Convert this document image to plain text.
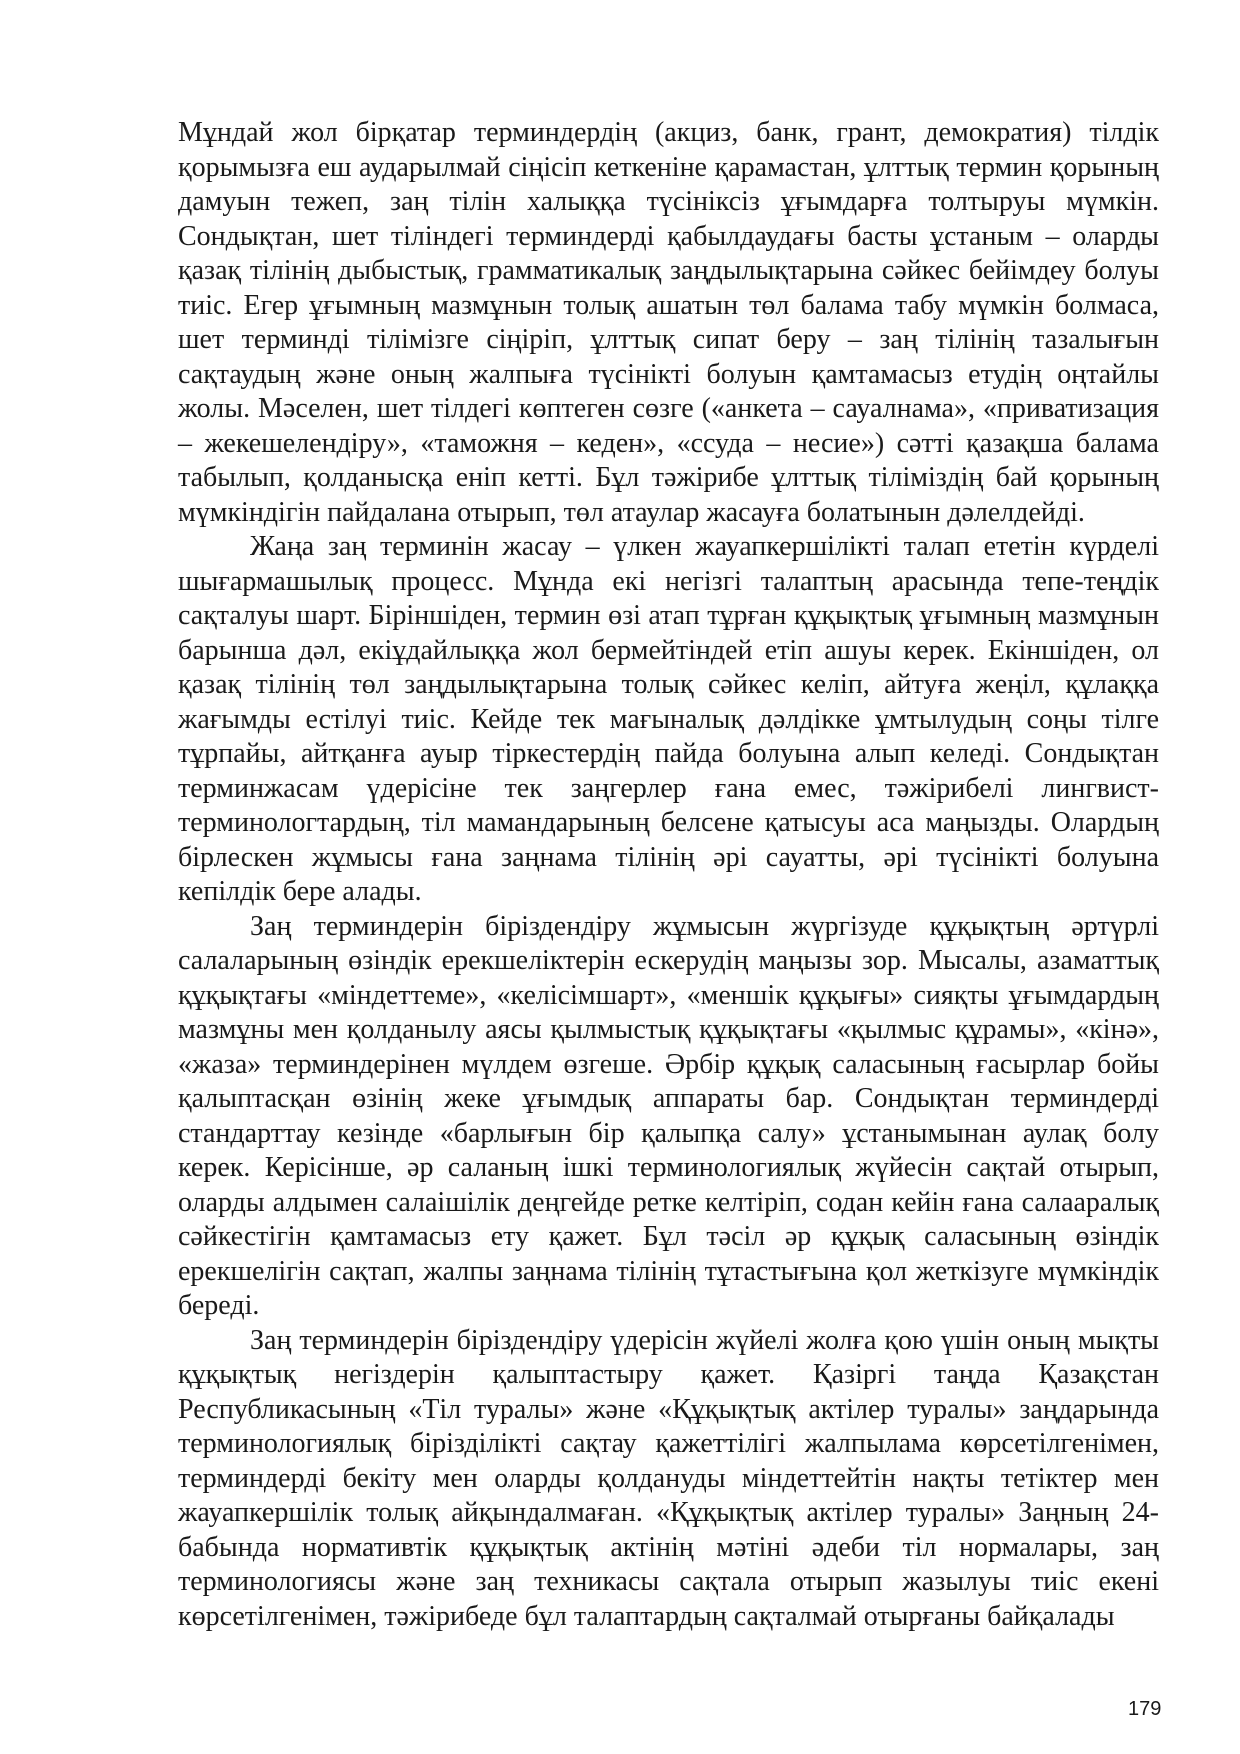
Мұндай жол бірқатар терминдердің (акциз, банк, грант, демократия) тілдік қорымызға еш аударылмай сіңісіп кеткеніне қарамастан, ұлттық термин қорының дамуын тежеп, заң тілін халыққа түсініксіз ұғымдарға толтыруы мүмкін. Сондықтан, шет тіліндегі терминдерді қабылдаудағы басты ұстаным – оларды қазақ тілінің дыбыстық, грамматикалық заңдылықтарына сәйкес бейімдеу болуы тиіс. Егер ұғымның мазмұнын толық ашатын төл балама табу мүмкін болмаса, шет терминді тілімізге сіңіріп, ұлттық сипат беру – заң тілінің тазалығын сақтаудың және оның жалпыға түсінікті болуын қамтамасыз етудің оңтайлы жолы. Мәселен, шет тілдегі көптеген сөзге («анкета – сауалнама», «приватизация – жекешелендіру», «таможня – кеден», «ссуда – несие») сәтті қазақша балама табылып, қолданысқа еніп кетті. Бұл тәжірибе ұлттық тіліміздің бай қорының мүмкіндігін пайдалана отырып, төл атаулар жасауға болатынын дәлелдейді.

Жаңа заң терминін жасау – үлкен жауапкершілікті талап ететін күрделі шығармашылық процесс. Мұнда екі негізгі талаптың арасында тепе-теңдік сақталуы шарт. Біріншіден, термин өзі атап тұрған құқықтық ұғымның мазмұнын барынша дәл, екіұдайлыққа жол бермейтіндей етіп ашуы керек. Екіншіден, ол қазақ тілінің төл заңдылықтарына толық сәйкес келіп, айтуға жеңіл, құлаққа жағымды естілуі тиіс. Кейде тек мағыналық дәлдікке ұмтылудың соңы тілге тұрпайы, айтқанға ауыр тіркестердің пайда болуына алып келеді. Сондықтан терминжасам үдерісіне тек заңгерлер ғана емес, тәжірибелі лингвист-терминологтардың, тіл мамандарының белсене қатысуы аса маңызды. Олардың бірлескен жұмысы ғана заңнама тілінің әрі сауатты, әрі түсінікті болуына кепілдік бере алады.

Заң терминдерін біріздендіру жұмысын жүргізуде құқықтың әртүрлі салаларының өзіндік ерекшеліктерін ескерудің маңызы зор. Мысалы, азаматтық құқықтағы «міндеттеме», «келісімшарт», «меншік құқығы» сияқты ұғымдардың мазмұны мен қолданылу аясы қылмыстық құқықтағы «қылмыс құрамы», «кінә», «жаза» терминдерінен мүлдем өзгеше. Әрбір құқық саласының ғасырлар бойы қалыптасқан өзінің жеке ұғымдық аппараты бар. Сондықтан терминдерді стандарттау кезінде «барлығын бір қалыпқа салу» ұстанымынан аулақ болу керек. Керісінше, әр саланың ішкі терминологиялық жүйесін сақтай отырып, оларды алдымен салаішілік деңгейде ретке келтіріп, содан кейін ғана салааралық сәйкестігін қамтамасыз ету қажет. Бұл тәсіл әр құқық саласының өзіндік ерекшелігін сақтап, жалпы заңнама тілінің тұтастығына қол жеткізуге мүмкіндік береді.

Заң терминдерін біріздендіру үдерісін жүйелі жолға қою үшін оның мықты құқықтық негіздерін қалыптастыру қажет. Қазіргі таңда Қазақстан Республикасының «Тіл туралы» және «Құқықтық актілер туралы» заңдарында терминологиялық бірізділікті сақтау қажеттілігі жалпылама көрсетілгенімен, терминдерді бекіту мен оларды қолдануды міндеттейтін нақты тетіктер мен жауапкершілік толық айқындалмаған. «Құқықтық актілер туралы» Заңның 24-бабында нормативтік құқықтық актінің мәтіні әдеби тіл нормалары, заң терминологиясы және заң техникасы сақтала отырып жазылуы тиіс екені көрсетілгенімен, тәжірибеде бұл талаптардың сақталмай отырғаны байқалады

179
